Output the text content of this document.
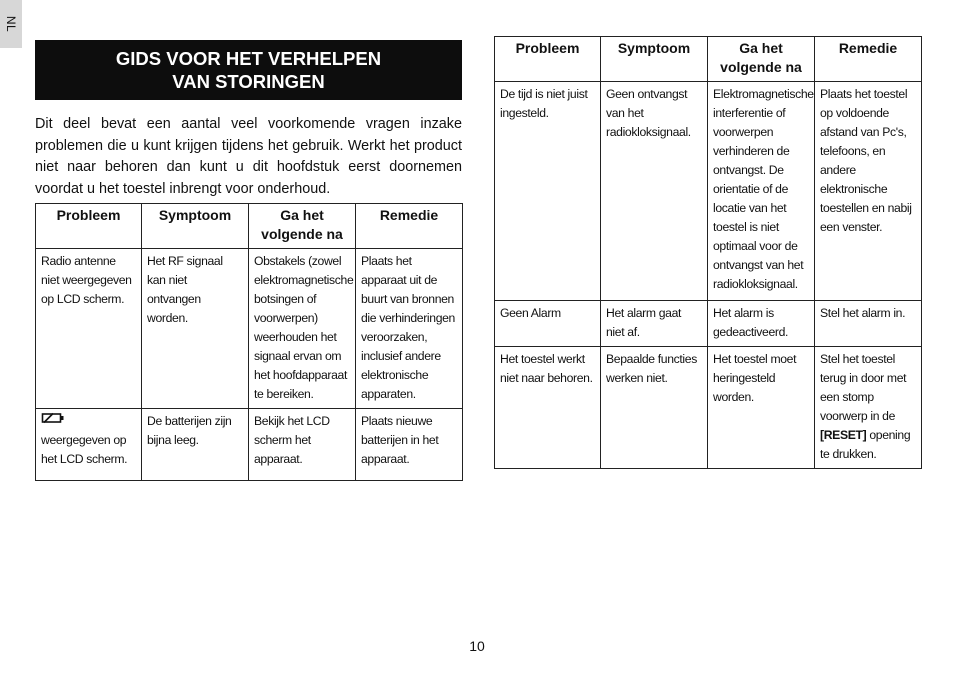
NL
GIDS VOOR HET VERHELPEN
VAN STORINGEN

Dit deel bevat een aantal veel voorkomende vragen inzake problemen die u kunt krijgen tijdens het gebruik. Werkt het product niet naar behoren dan kunt u dit hoofdstuk eerst doornemen voordat u het toestel inbrengt voor onderhoud.

Probleem	Symptoom	Ga het volgende na	Remedie
Radio antenne niet weergegeven op LCD scherm.	Het RF signaal kan niet ontvangen worden.	Obstakels (zowel elektromagnetische botsingen of voorwerpen) weerhouden het signaal ervan om het hoofdapparaat te bereiken.	Plaats het apparaat uit de buurt van bronnen die verhinderingen veroorzaken, inclusief andere elektronische apparaten.
weergegeven op het LCD scherm.	De batterijen zijn bijna leeg.	Bekijk het LCD scherm het apparaat.	Plaats nieuwe batterijen in het apparaat.
Probleem	Symptoom	Ga het volgende na	Remedie
De tijd is niet juist ingesteld.	Geen ontvangst van het radiokloksignaal.	Elektromagnetische interferentie of voorwerpen verhinderen de ontvangst. De orientatie of de locatie van het toestel is niet optimaal voor de ontvangst van het radiokloksignaal.	Plaats het toestel op voldoende afstand van Pc's, telefoons, en andere elektronische toestellen en nabij een venster.
Geen Alarm	Het alarm gaat niet af.	Het alarm is gedeactiveerd.	Stel het alarm in.
Het toestel werkt niet naar behoren.	Bepaalde functies werken niet.	Het toestel moet heringesteld worden.	Stel het toestel terug in door met een stomp voorwerp in de [RESET] opening te drukken.
10
